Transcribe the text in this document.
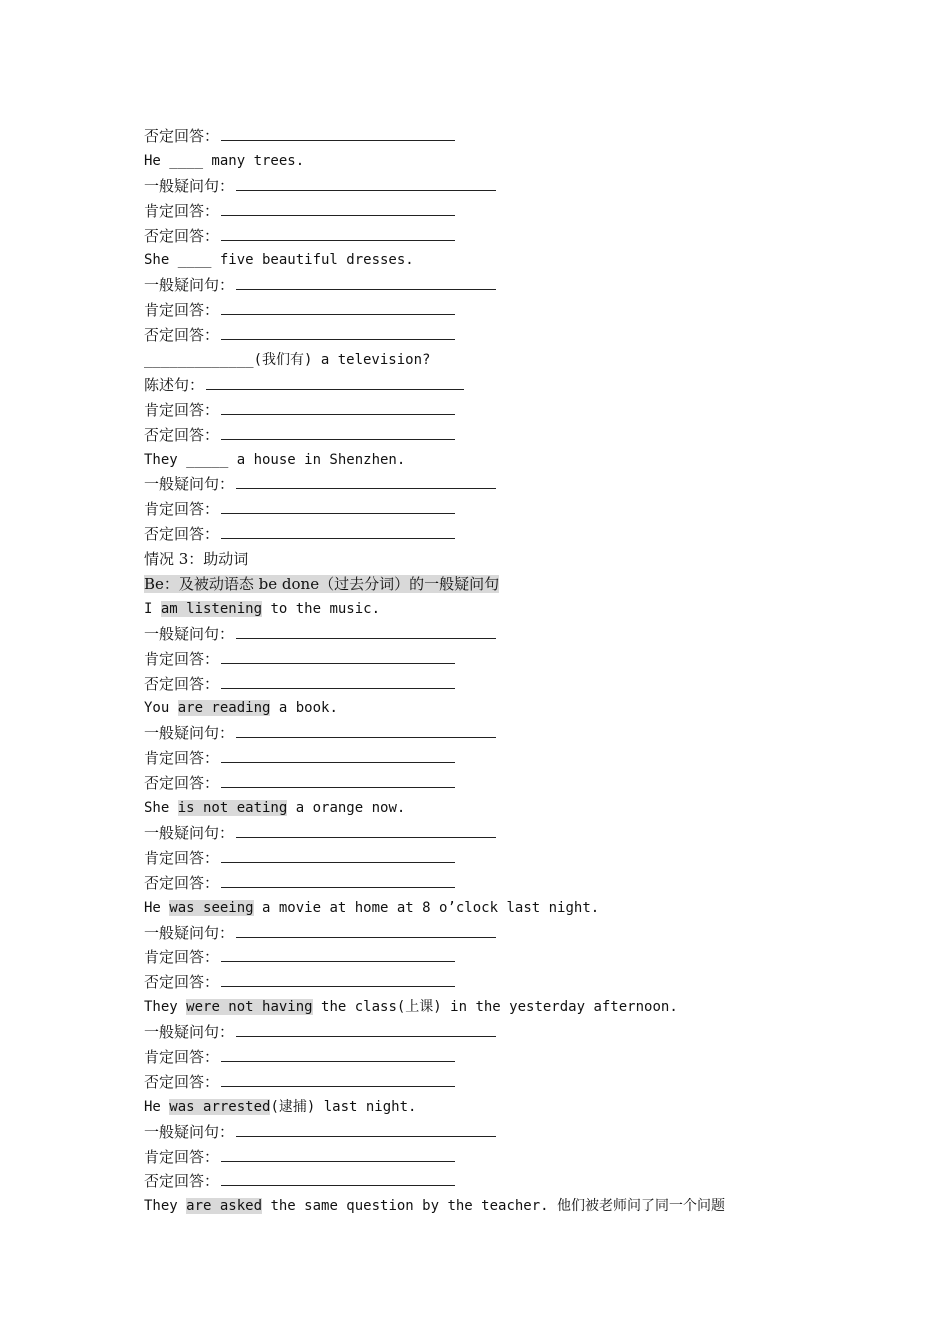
否定回答：
He ____ many trees.
一般疑问句：
肯定回答：
否定回答：
She ____ five beautiful dresses.
一般疑问句：
肯定回答：
否定回答：
_____________(我们有) a television?
陈述句：
肯定回答：
否定回答：
They _____ a house in Shenzhen.
一般疑问句：
肯定回答：
否定回答：
情况 3：助动词
Be：及被动语态 be done（过去分词）的一般疑问句
I am listening to the music.
一般疑问句：
肯定回答：
否定回答：
You are reading a book.
一般疑问句：
肯定回答：
否定回答：
She is not eating a orange now.
一般疑问句：
肯定回答：
否定回答：
He was seeing a movie at home at 8 o’clock last night.
一般疑问句：
肯定回答：
否定回答：
They were not having the class(上课) in the yesterday afternoon.
一般疑问句：
肯定回答：
否定回答：
He was arrested(逮捕) last night.
一般疑问句：
肯定回答：
否定回答：
They are asked the same question by the teacher. 他们被老师问了同一个问题
